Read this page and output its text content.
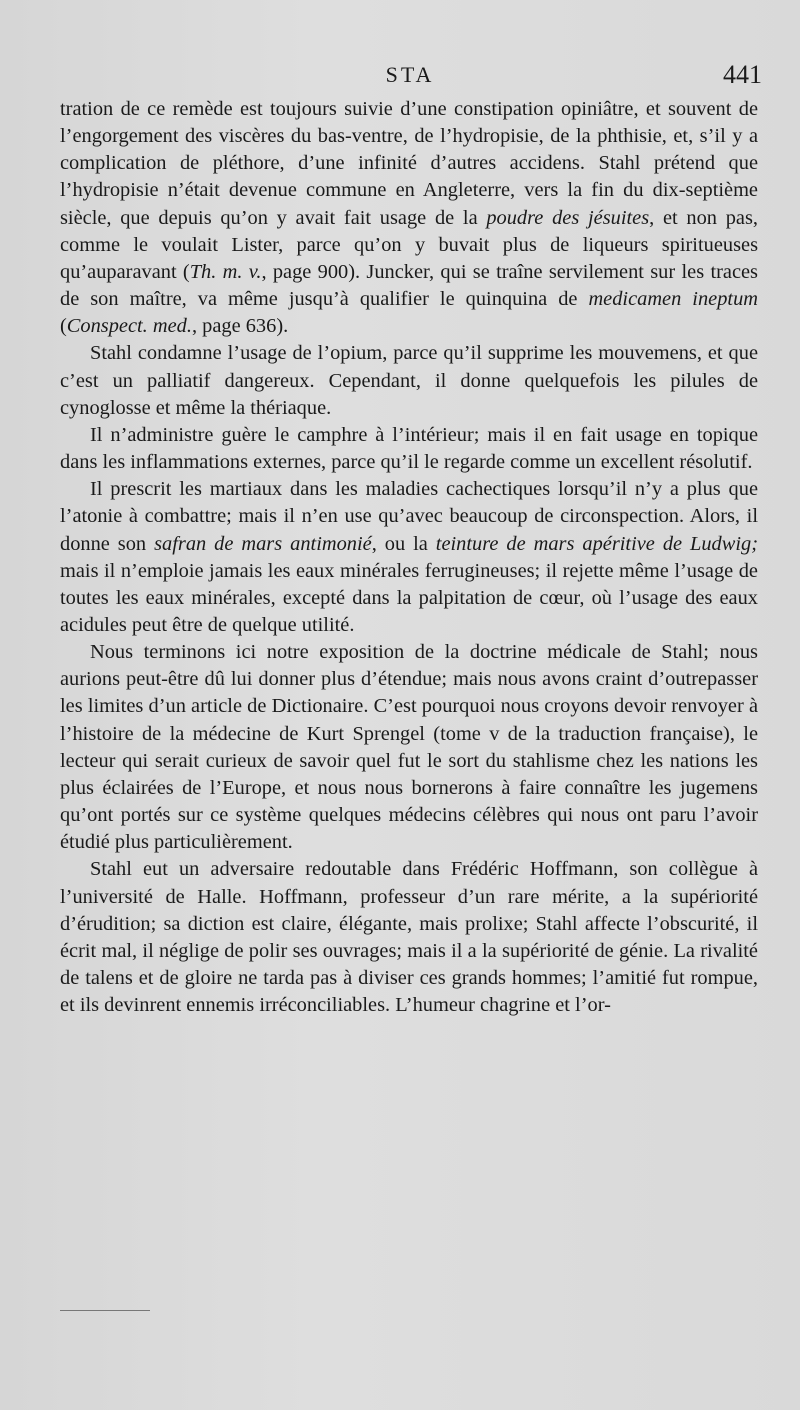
STA	441

tration de ce remède est toujours suivie d’une constipation opiniâtre, et souvent de l’engorgement des viscères du bas-ventre, de l’hydropisie, de la phthisie, et, s’il y a complication de pléthore, d’une infinité d’autres accidens. Stahl prétend que l’hydropisie n’était devenue commune en Angleterre, vers la fin du dix-septième siècle, que depuis qu’on y avait fait usage de la poudre des jésuites, et non pas, comme le voulait Lister, parce qu’on y buvait plus de liqueurs spiritueuses qu’auparavant (Th. m. v., page 900). Juncker, qui se traîne servilement sur les traces de son maître, va même jusqu’à qualifier le quinquina de medicamen ineptum (Conspect. med., page 636).

Stahl condamne l’usage de l’opium, parce qu’il supprime les mouvemens, et que c’est un palliatif dangereux. Cependant, il donne quelquefois les pilules de cynoglosse et même la thériaque.

Il n’administre guère le camphre à l’intérieur; mais il en fait usage en topique dans les inflammations externes, parce qu’il le regarde comme un excellent résolutif.

Il prescrit les martiaux dans les maladies cachectiques lorsqu’il n’y a plus que l’atonie à combattre; mais il n’en use qu’avec beaucoup de circonspection. Alors, il donne son safran de mars antimonié, ou la teinture de mars apéritive de Ludwig; mais il n’emploie jamais les eaux minérales ferrugineuses; il rejette même l’usage de toutes les eaux minérales, excepté dans la palpitation de cœur, où l’usage des eaux acidules peut être de quelque utilité.

Nous terminons ici notre exposition de la doctrine médicale de Stahl; nous aurions peut-être dû lui donner plus d’étendue; mais nous avons craint d’outrepasser les limites d’un article de Dictionaire. C’est pourquoi nous croyons devoir renvoyer à l’histoire de la médecine de Kurt Sprengel (tome v de la traduction française), le lecteur qui serait curieux de savoir quel fut le sort du stahlisme chez les nations les plus éclairées de l’Europe, et nous nous bornerons à faire connaître les jugemens qu’ont portés sur ce système quelques médecins célèbres qui nous ont paru l’avoir étudié plus particulièrement.

Stahl eut un adversaire redoutable dans Frédéric Hoffmann, son collègue à l’université de Halle. Hoffmann, professeur d’un rare mérite, a la supériorité d’érudition; sa diction est claire, élégante, mais prolixe; Stahl affecte l’obscurité, il écrit mal, il néglige de polir ses ouvrages; mais il a la supériorité de génie. La rivalité de talens et de gloire ne tarda pas à diviser ces grands hommes; l’amitié fut rompue, et ils devinrent ennemis irréconciliables. L’humeur chagrine et l’or-
